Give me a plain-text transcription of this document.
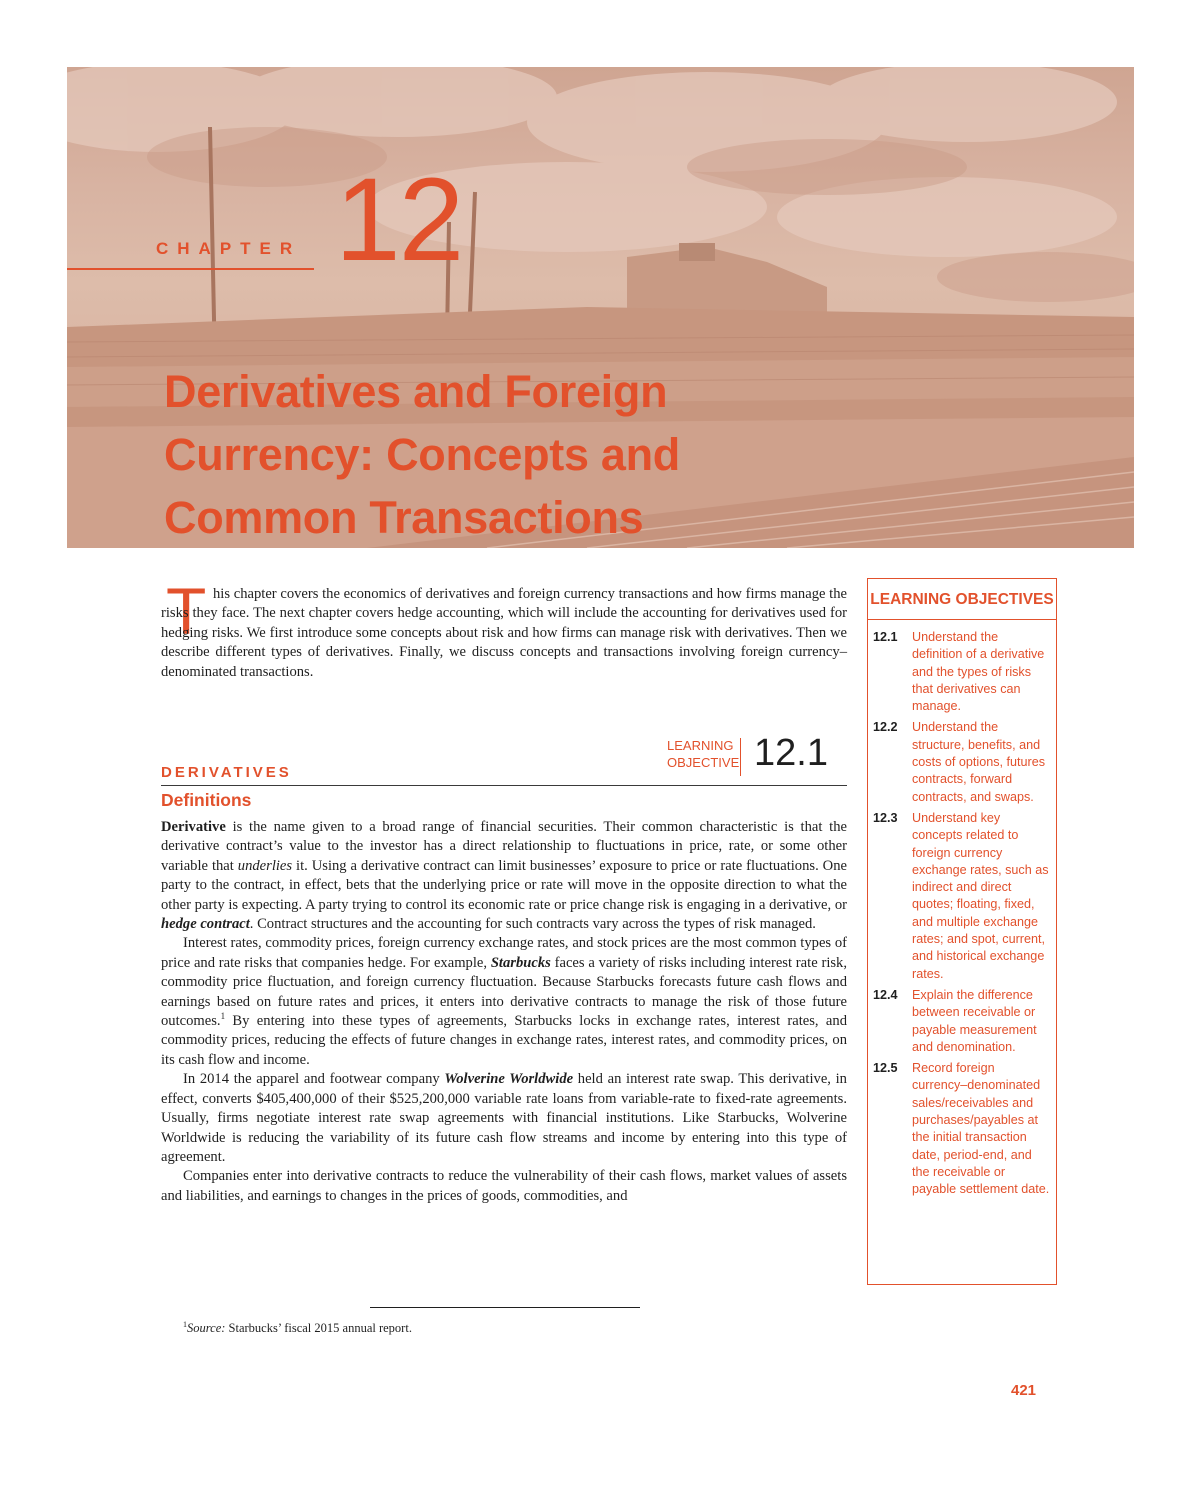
CHAPTER 12
Derivatives and Foreign Currency: Concepts and Common Transactions
T his chapter covers the economics of derivatives and foreign currency transactions and how firms manage the risks they face. The next chapter covers hedge accounting, which will include the accounting for derivatives used for hedging risks. We first introduce some concepts about risk and how firms can manage risk with derivatives. Then we describe different types of derivatives. Finally, we discuss concepts and transactions involving foreign currency–denominated transactions.

LEARNING
OBJECTIVE 12.1
DERIVATIVES
Definitions

Derivative is the name given to a broad range of financial securities. Their common characteristic is that the derivative contract’s value to the investor has a direct relationship to fluctuations in price, rate, or some other variable that underlies it. Using a derivative contract can limit businesses’ exposure to price or rate fluctuations. One party to the contract, in effect, bets that the underlying price or rate will move in the opposite direction to what the other party is expecting. A party trying to control its economic rate or price change risk is engaging in a derivative, or hedge contract. Contract structures and the accounting for such contracts vary across the types of risk managed.

Interest rates, commodity prices, foreign currency exchange rates, and stock prices are the most common types of price and rate risks that companies hedge. For example, Starbucks faces a variety of risks including interest rate risk, commodity price fluctuation, and foreign currency fluctuation. Because Starbucks forecasts future cash flows and earnings based on future rates and prices, it enters into derivative contracts to manage the risk of those future outcomes.$^1$ By entering into these types of agreements, Starbucks locks in exchange rates, interest rates, and commodity prices, reducing the effects of future changes in exchange rates, interest rates, and commodity prices, on its cash flow and income.

In 2014 the apparel and footwear company Wolverine Worldwide held an interest rate swap. This derivative, in effect, converts $405,400,000 of their $525,200,000 variable rate loans from variable-rate to fixed-rate agreements. Usually, firms negotiate interest rate swap agreements with financial institutions. Like Starbucks, Wolverine Worldwide is reducing the variability of its future cash flow streams and income by entering into this type of agreement.

Companies enter into derivative contracts to reduce the vulnerability of their cash flows, market values of assets and liabilities, and earnings to changes in the prices of goods, commodities, and

$^1$Source: Starbucks’ fiscal 2015 annual report.

LEARNING OBJECTIVES
12.1	Understand the definition of a derivative and the types of risks that derivatives can manage.
12.2	Understand the structure, benefits, and costs of options, futures contracts, forward contracts, and swaps.
12.3	Understand key concepts related to foreign currency exchange rates, such as indirect and direct quotes; floating, fixed, and multiple exchange rates; and spot, current, and historical exchange rates.
12.4	Explain the difference between receivable or payable measurement and denomination.
12.5	Record foreign currency–denominated sales/receivables and purchases/payables at the initial transaction date, period-end, and the receivable or payable settlement date.
421
